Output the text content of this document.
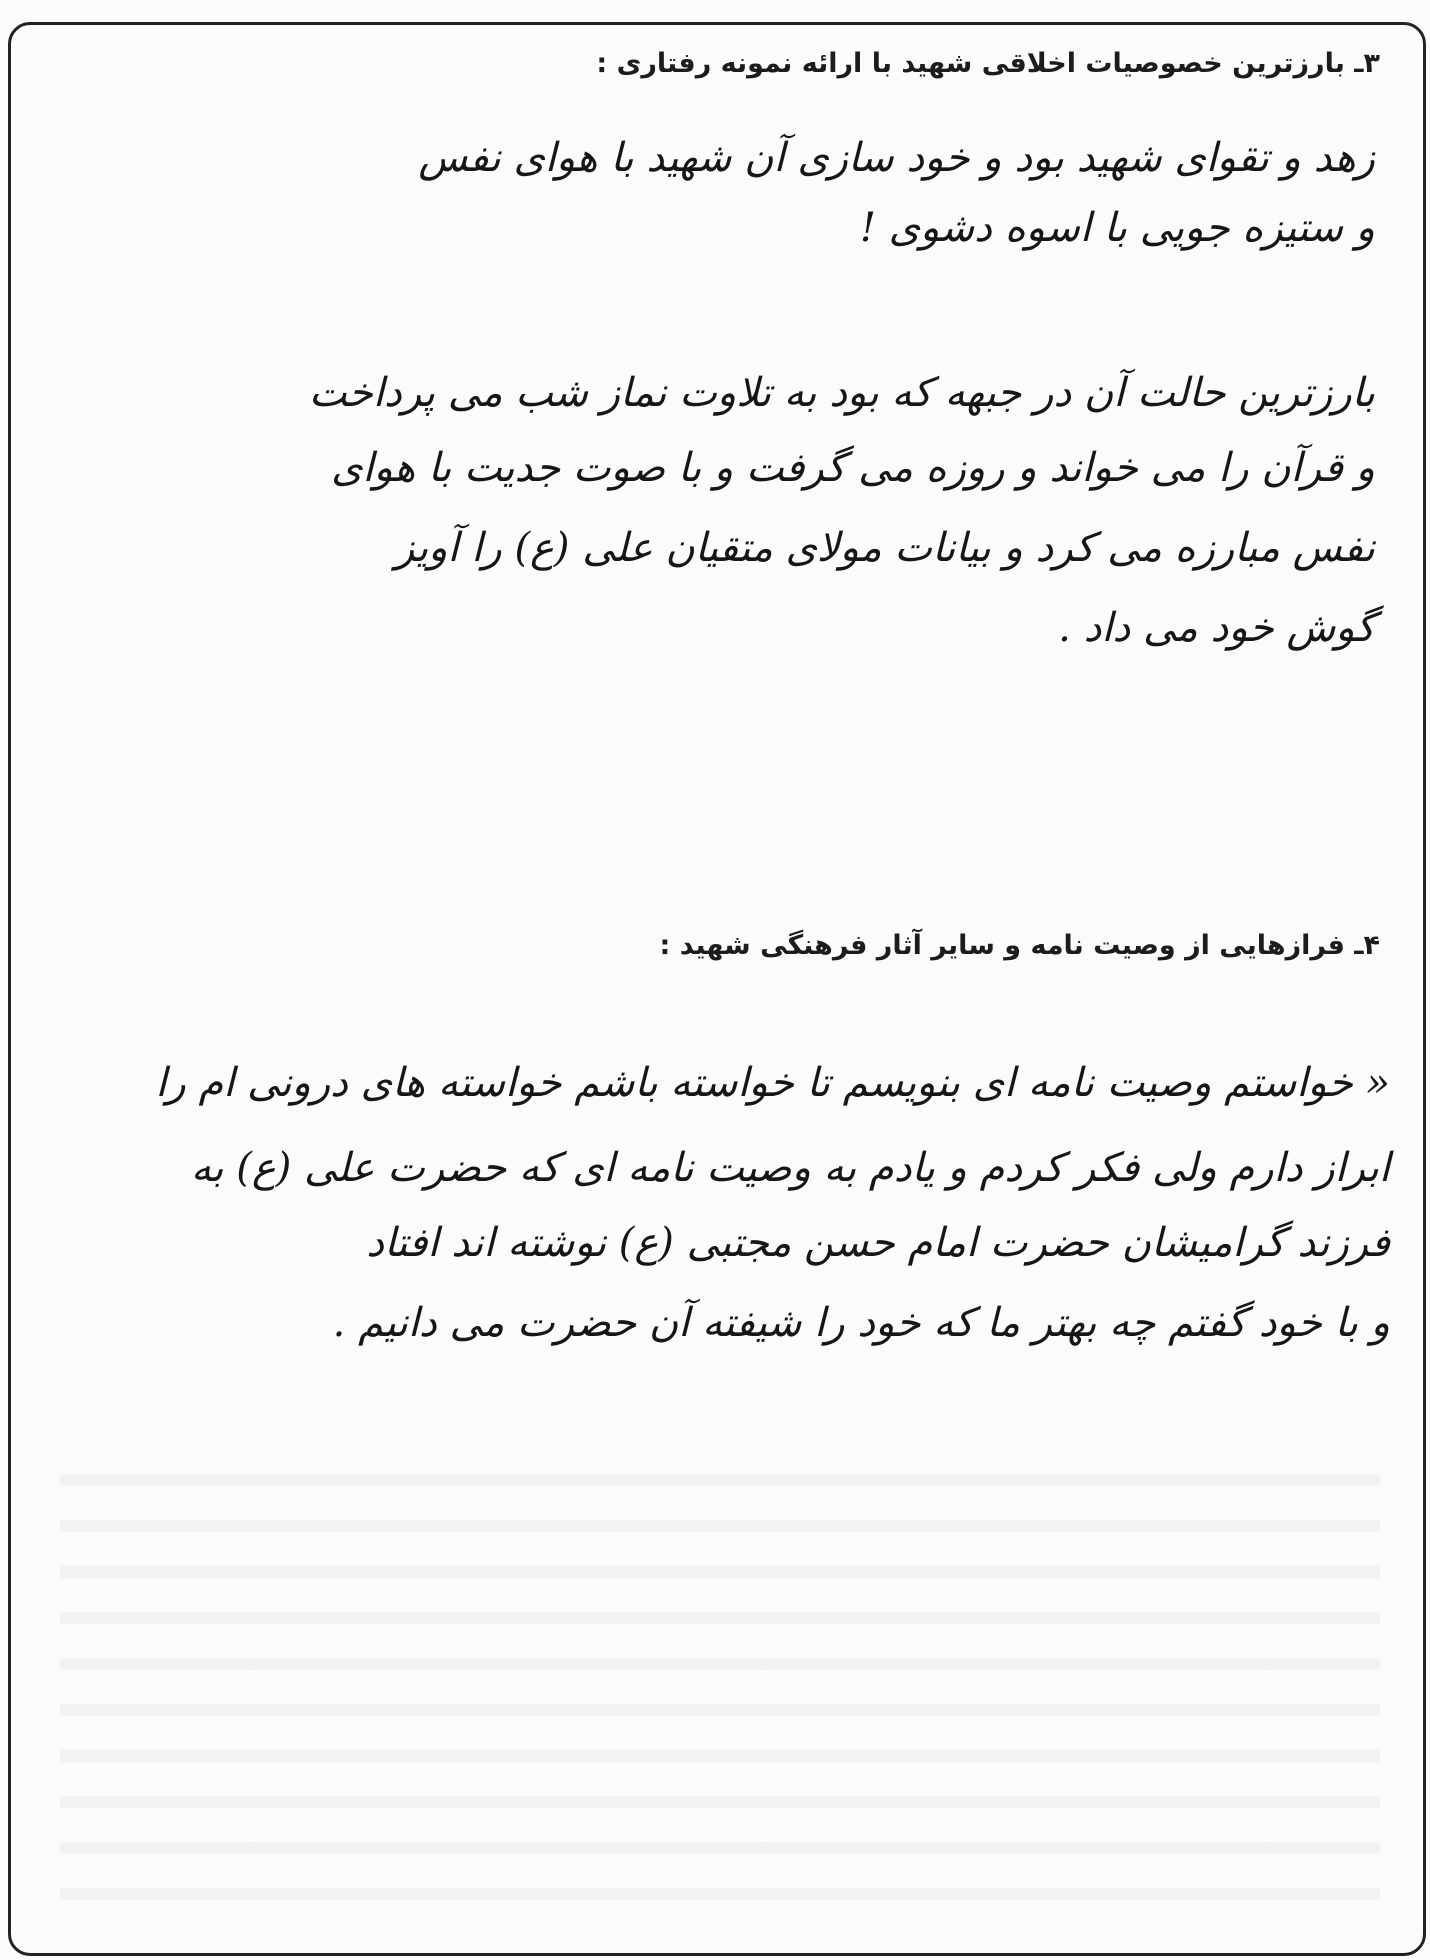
۳ـ بارزترین خصوصیات اخلاقی شهید با ارائه نمونه رفتاری :
زهد و تقوای شهید بود و خود سازی آن شهید با هوای نفس
و ستیزه جویی با اسوه دشوی !
بارزترین حالت آن در جبهه که بود به تلاوت نماز شب می پرداخت
و قرآن را می خواند و روزه می گرفت و با صوت جدیت با هوای
نفس مبارزه می کرد و بیانات مولای متقیان علی (ع) را آویز
گوش خود می داد .
۴ـ فرازهایی از وصیت نامه و سایر آثار فرهنگی شهید :
« خواستم وصیت نامه ای بنویسم تا خواسته باشم خواسته های درونی ام را
ابراز دارم ولی فکر کردم و یادم به وصیت نامه ای که حضرت علی (ع) به
فرزند گرامیشان حضرت امام حسن مجتبی (ع) نوشته اند افتاد
و با خود گفتم چه بهتر ما که خود را شیفته آن حضرت می دانیم .
